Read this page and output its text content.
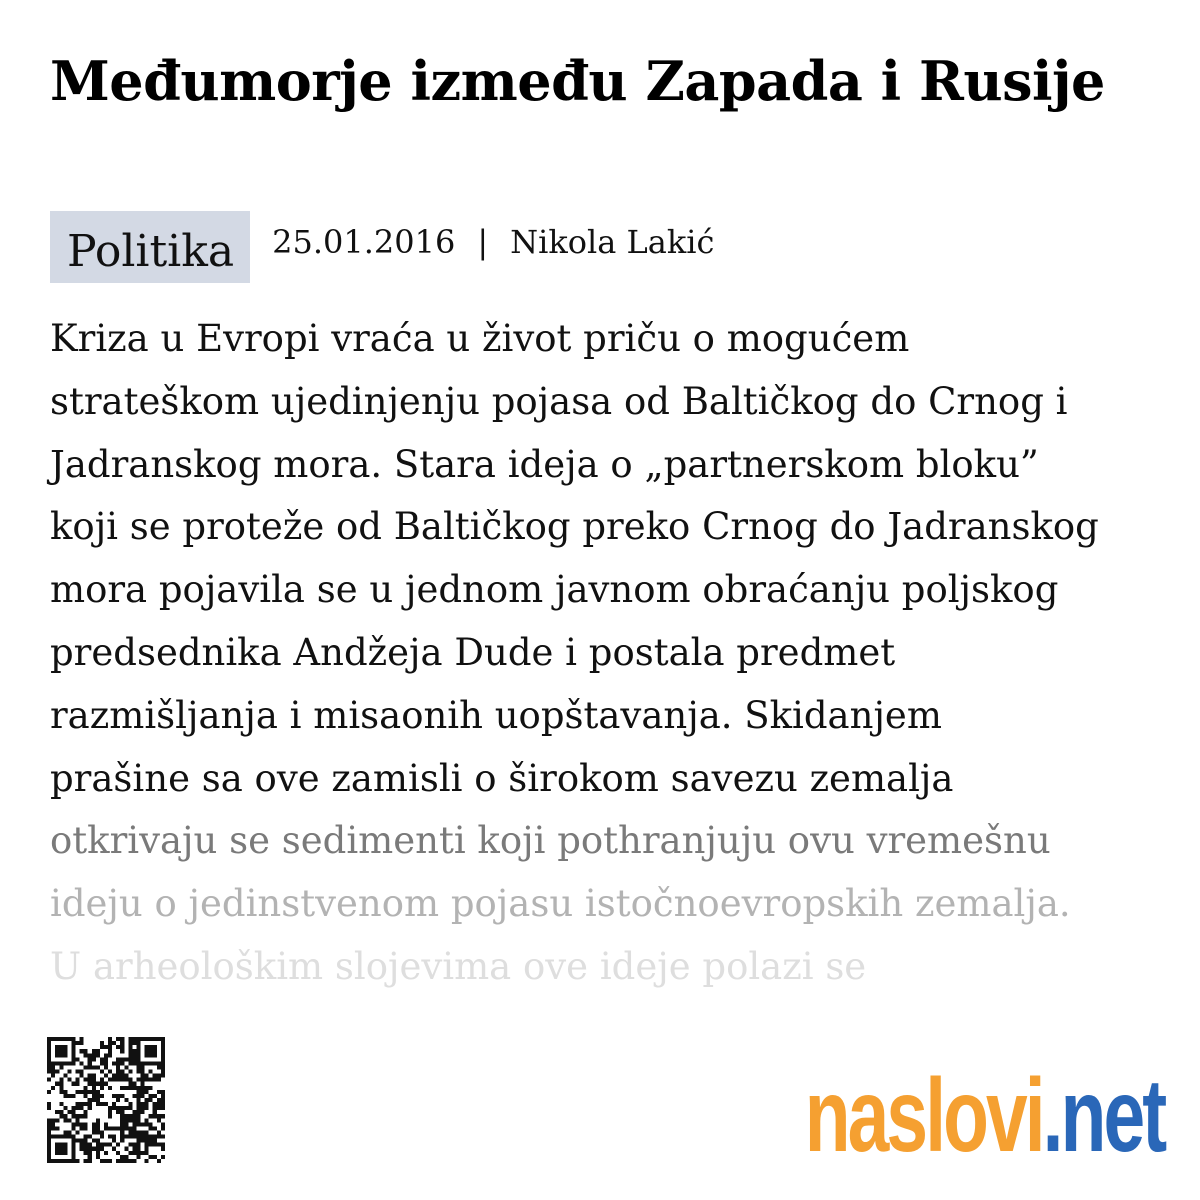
Međumorje između Zapada i Rusije
Politika	25.01.2016 | Nikola Lakić
Kriza u Evropi vraća u život priču o mogućem
strateškom ujedinjenju pojasa od Baltičkog do Crnog i
Jadranskog mora. Stara ideja o „partnerskom bloku”
koji se proteže od Baltičkog preko Crnog do Jadranskog
mora pojavila se u jednom javnom obraćanju poljskog
predsednika Andžeja Dude i postala predmet
razmišljanja i misaonih uopštavanja. Skidanjem
prašine sa ove zamisli o širokom savezu zemalja
otkrivaju se sedimenti koji pothranjuju ovu vremešnu
ideju o jedinstvenom pojasu istočnoevropskih zemalja.
U arheološkim slojevima ove ideje polazi se
naslovi .net
